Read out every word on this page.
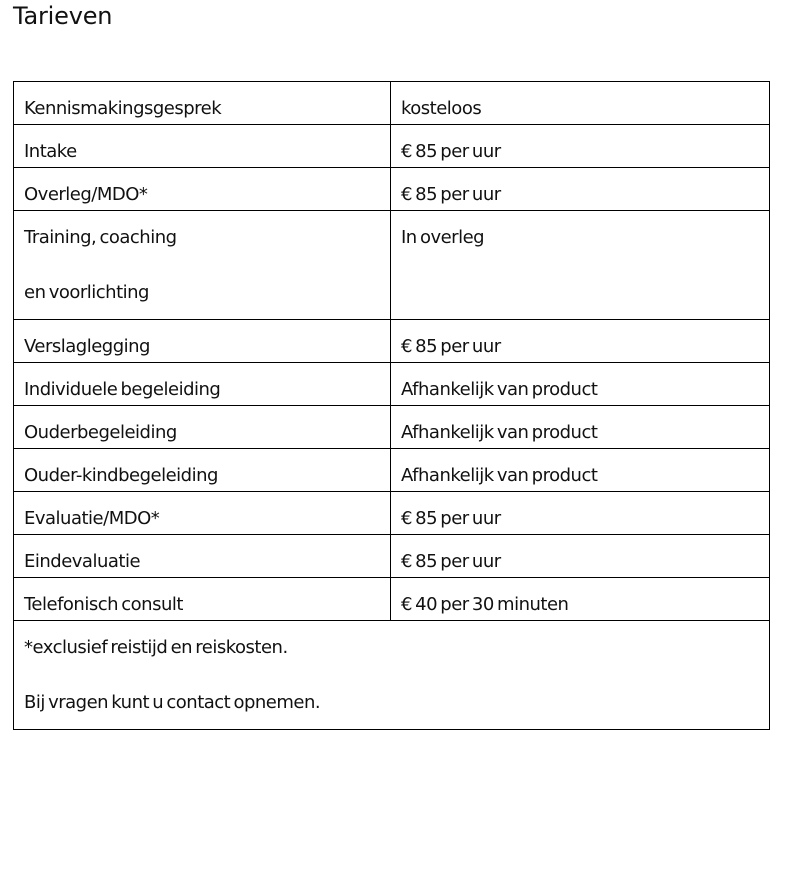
Tarieven
Kennismakingsgesprek	kosteloos
Intake	€ 85 per uur
Overleg/MDO*	€ 85 per uur

Training, coaching
en voorlichting	In overleg
Verslaglegging	€ 85 per uur
Individuele begeleiding	Afhankelijk van product
Ouderbegeleiding	Afhankelijk van product
Ouder-kindbegeleiding	Afhankelijk van product
Evaluatie/MDO*	€ 85 per uur
Eindevaluatie	€ 85 per uur
Telefonisch consult	€ 40 per 30 minuten

*exclusief reistijd en reiskosten.
Bij vragen kunt u contact opnemen.	
